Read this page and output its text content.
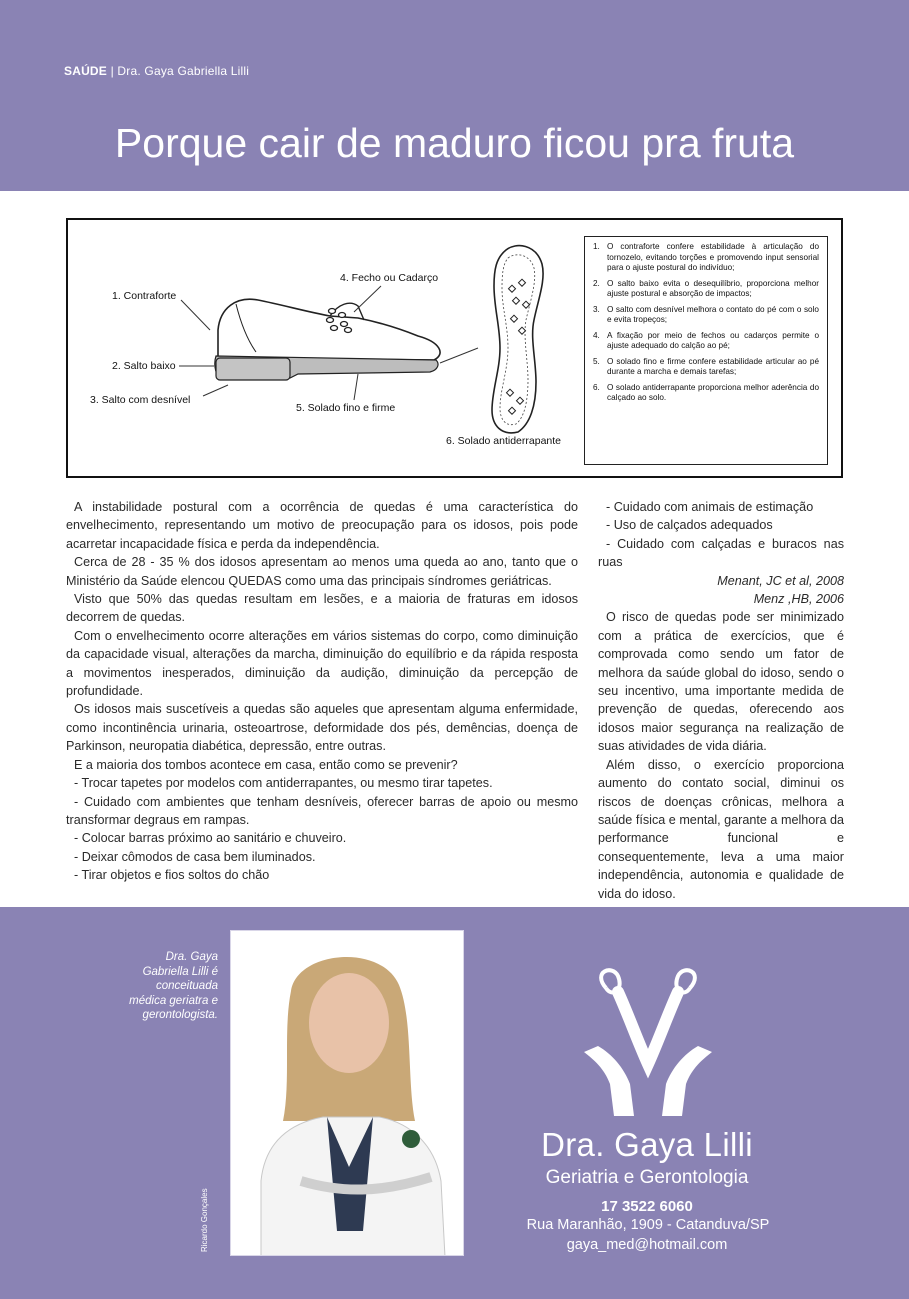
SAÚDE | Dra. Gaya Gabriella Lilli
Porque cair de maduro ficou pra fruta
1. Contraforte
2. Salto baixo
3. Salto com desnível
4. Fecho ou Cadarço
5. Solado fino e firme
6. Solado antiderrapante
1. O contraforte confere estabilidade à articulação do tornozelo, evitando torções e promovendo input sensorial para o ajuste postural do indivíduo;
2. O salto baixo evita o desequilíbrio, proporciona melhor ajuste postural e absorção de impactos;
3. O salto com desnível melhora o contato do pé com o solo e evita tropeços;
4. A fixação por meio de fechos ou cadarços permite o ajuste adequado do calção ao pé;
5. O solado fino e firme confere estabilidade articular ao pé durante a marcha e demais tarefas;
6. O solado antiderrapante proporciona melhor aderência do calçado ao solo.

A instabilidade postural com a ocorrência de quedas é uma característica do envelhecimento, representando um motivo de preocupação para os idosos, pois pode acarretar incapacidade física e perda da independência.

Cerca de 28 - 35 % dos idosos apresentam ao menos uma queda ao ano, tanto que o Ministério da Saúde elencou QUEDAS como uma das principais síndromes geriátricas.

Visto que 50% das quedas resultam em lesões, e a maioria de fraturas em idosos decorrem de quedas.

Com o envelhecimento ocorre alterações em vários sistemas do corpo, como diminuição da capacidade visual, alterações da marcha, diminuição do equilíbrio e da rápida resposta a movimentos inesperados, diminuição da audição, diminuição da percepção de profundidade.

Os idosos mais suscetíveis a quedas são aqueles que apresentam alguma enfermidade, como incontinência urinaria, osteoartrose, deformidade dos pés, demências, doença de Parkinson, neuropatia diabética, depressão, entre outras.

E a maioria dos tombos acontece em casa, então como se prevenir?

- Trocar tapetes por modelos com antiderrapantes, ou mesmo tirar tapetes.

- Cuidado com ambientes que tenham desníveis, oferecer barras de apoio ou mesmo transformar degraus em rampas.

- Colocar barras próximo ao sanitário e chuveiro.

- Deixar cômodos de casa bem iluminados.

- Tirar objetos e fios soltos do chão

- Cuidado com animais de estimação

- Uso de calçados adequados

- Cuidado com calçadas e buracos nas ruas

Menant, JC et al, 2008

Menz ,HB, 2006

O risco de quedas pode ser minimizado com a prática de exercícios, que é comprovada como sendo um fator de melhora da saúde global do idoso, sendo o seu incentivo, uma importante medida de prevenção de quedas, oferecendo aos idosos maior segurança na realização de suas atividades de vida diária.

Além disso, o exercício proporciona aumento do contato social, diminui os riscos de doenças crônicas, melhora a saúde física e mental, garante a melhora da performance funcional e consequentemente, leva a uma maior independência, autonomia e qualidade de vida do idoso.

Dra. Gaya Gabriella Lilli é conceituada médica geriatra e gerontologista.
Ricardo Gonçales
Dra. Gaya Lilli
Geriatria e Gerontologia
17 3522 6060
Rua Maranhão, 1909 - Catanduva/SP
gaya_med@hotmail.com
